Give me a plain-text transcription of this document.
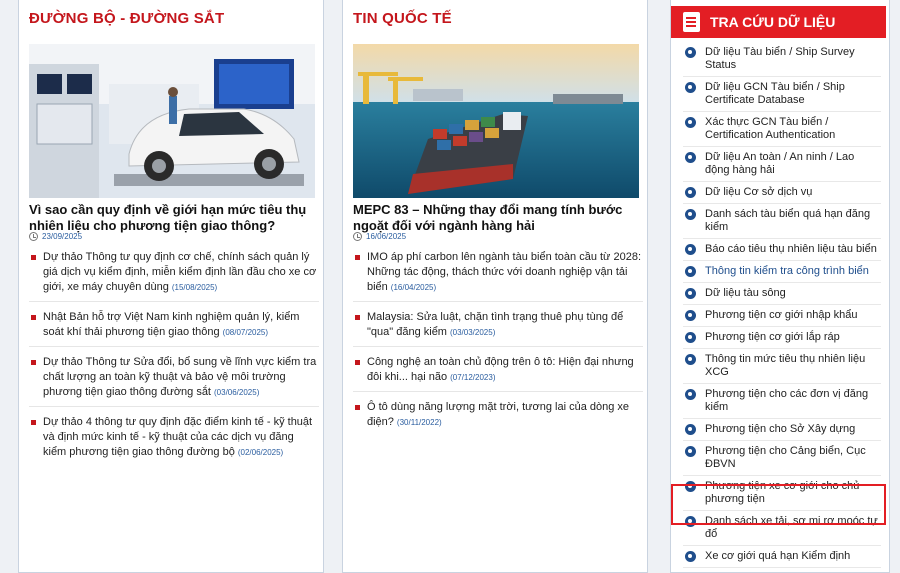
ĐƯỜNG BỘ - ĐƯỜNG SẮT
Vì sao cần quy định về giới hạn mức tiêu thụ nhiên liệu cho phương tiện giao thông?
23/09/2025
Dự thảo Thông tư quy định cơ chế, chính sách quản lý giá dịch vụ kiểm định, miễn kiểm định lần đầu cho xe cơ giới, xe máy chuyên dùng (15/08/2025)
Nhật Bản hỗ trợ Việt Nam kinh nghiệm quản lý, kiểm soát khí thải phương tiện giao thông (08/07/2025)
Dự thảo Thông tư Sửa đổi, bổ sung về lĩnh vực kiểm tra chất lượng an toàn kỹ thuật và bảo vệ môi trường phương tiện giao thông đường sắt (03/06/2025)
Dự thảo 4 thông tư quy định đặc điểm kinh tế - kỹ thuật và định mức kinh tế - kỹ thuật của các dịch vụ đăng kiểm phương tiện giao thông đường bộ (02/06/2025)
TIN QUỐC TẾ
MEPC 83 – Những thay đổi mang tính bước ngoặt đối với ngành hàng hải
16/06/2025
IMO áp phí carbon lên ngành tàu biển toàn cầu từ 2028: Những tác động, thách thức với doanh nghiệp vận tải biển (16/04/2025)
Malaysia: Sửa luật, chặn tình trạng thuê phụ tùng để "qua" đăng kiểm (03/03/2025)
Công nghệ an toàn chủ động trên ô tô: Hiện đại nhưng đôi khi... hại não (07/12/2023)
Ô tô dùng năng lượng mặt trời, tương lai của dòng xe điện? (30/11/2022)
TRA CỨU DỮ LIỆU
Dữ liệu Tàu biển / Ship Survey Status
Dữ liệu GCN Tàu biển / Ship Certificate Database
Xác thực GCN Tàu biển / Certification Authentication
Dữ liệu An toàn / An ninh / Lao động hàng hải
Dữ liệu Cơ sở dịch vụ
Danh sách tàu biển quá hạn đăng kiểm
Báo cáo tiêu thụ nhiên liệu tàu biển
Thông tin kiểm tra công trình biển
Dữ liệu tàu sông
Phương tiện cơ giới nhập khẩu
Phương tiện cơ giới lắp ráp
Thông tin mức tiêu thụ nhiên liệu XCG
Phương tiện cho các đơn vị đăng kiểm
Phương tiện cho Sở Xây dựng
Phương tiện cho Cảng biển, Cục ĐBVN
Phương tiện xe cơ giới cho chủ phương tiện
Danh sách xe tải, sơ mi rơ moóc tự đổ
Xe cơ giới quá hạn Kiểm định
